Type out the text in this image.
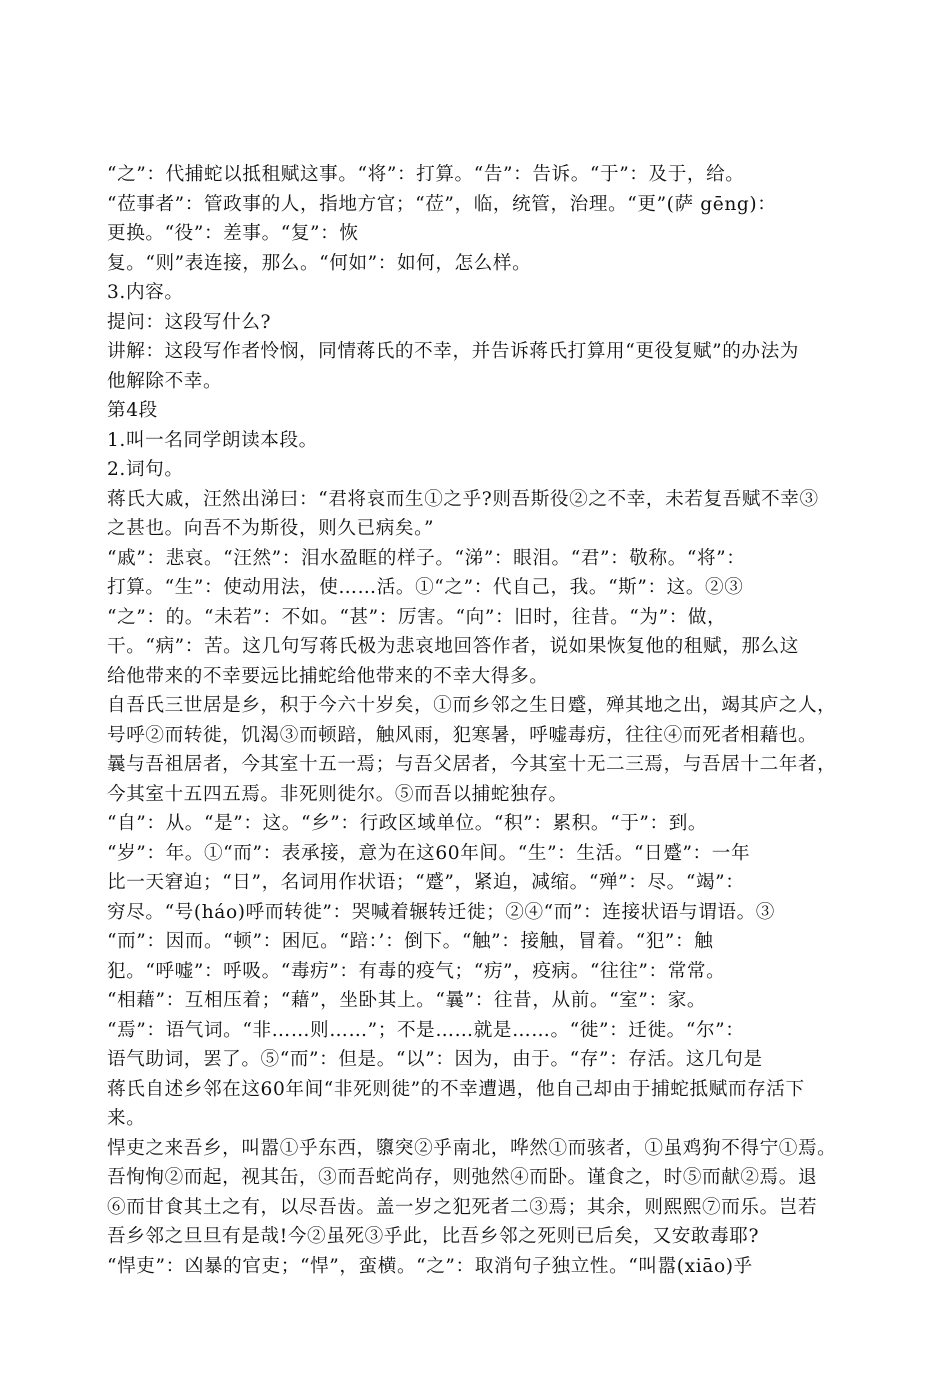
“之”：代捕蛇以抵租赋这事。“将”：打算。“告”：告诉。“于”：及于，给。
“莅事者”：管政事的人，指地方官；“莅”，临，统管，治理。“更”(萨 gēng)：
更换。“役”：差事。“复”：恢
复。“则”表连接，那么。“何如”：如何，怎么样。
3.内容。
提问：这段写什么?
讲解：这段写作者怜悯，同情蒋氏的不幸，并告诉蒋氏打算用“更役复赋”的办法为
他解除不幸。
第4段
1.叫一名同学朗读本段。
2.词句。
蒋氏大戚，汪然出涕曰：“君将哀而生①之乎?则吾斯役②之不幸，未若复吾赋不幸③
之甚也。向吾不为斯役，则久已病矣。”
“戚”：悲哀。“汪然”：泪水盈眶的样子。“涕”：眼泪。“君”：敬称。“将”：
打算。“生”：使动用法，使……活。①“之”：代自己，我。“斯”：这。②③
“之”：的。“未若”：不如。“甚”：厉害。“向”：旧时，往昔。“为”：做，
干。“病”：苦。这几句写蒋氏极为悲哀地回答作者，说如果恢复他的租赋，那么这
给他带来的不幸要远比捕蛇给他带来的不幸大得多。
自吾氏三世居是乡，积于今六十岁矣，①而乡邻之生日蹙，殚其地之出，竭其庐之人，
号呼②而转徙，饥渴③而顿踣，触风雨，犯寒暑，呼嘘毒疠，往往④而死者相藉也。
曩与吾祖居者，今其室十五一焉；与吾父居者，今其室十无二三焉，与吾居十二年者，
今其室十五四五焉。非死则徙尔。⑤而吾以捕蛇独存。
“自”：从。“是”：这。“乡”：行政区域单位。“积”：累积。“于”：到。
“岁”：年。①“而”：表承接，意为在这60年间。“生”：生活。“日蹙”：一年
比一天窘迫；“日”，名词用作状语；“蹙”，紧迫，减缩。“殚”：尽。“竭”：
穷尽。“号(háo)呼而转徙”：哭喊着辗转迁徙；②④“而”：连接状语与谓语。③
“而”：因而。“顿”：困厄。“踣：’：倒下。“触”：接触，冒着。“犯”：触
犯。“呼嘘”：呼吸。“毒疠”：有毒的疫气；“疠”，疫病。“往往”：常常。
“相藉”：互相压着；“藉”，坐卧其上。“曩”：往昔，从前。“室”：家。
“焉”：语气词。“非……则……”；不是……就是……。“徙”：迁徙。“尔”：
语气助词，罢了。⑤“而”：但是。“以”：因为，由于。“存”：存活。这几句是
蒋氏自述乡邻在这60年间“非死则徙”的不幸遭遇，他自己却由于捕蛇抵赋而存活下
来。
悍吏之来吾乡，叫嚣①乎东西，隳突②乎南北，哗然①而骇者，①虽鸡狗不得宁①焉。
吾恂恂②而起，视其缶，③而吾蛇尚存，则弛然④而卧。谨食之，时⑤而献②焉。退
⑥而甘食其土之有，以尽吾齿。盖一岁之犯死者二③焉；其余，则熙熙⑦而乐。岂若
吾乡邻之旦旦有是哉!今②虽死③乎此，比吾乡邻之死则已后矣，又安敢毒耶?
“悍吏”：凶暴的官吏；“悍”，蛮横。“之”：取消句子独立性。“叫嚣(xiāo)乎
